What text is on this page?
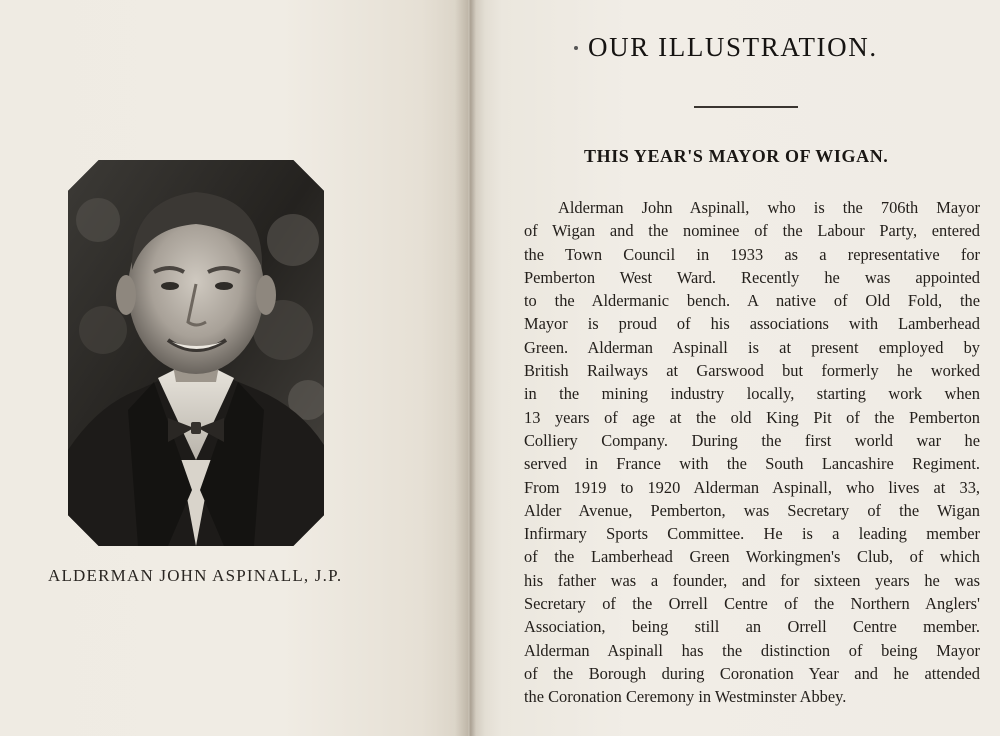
ALDERMAN JOHN ASPINALL, J.P.
OUR ILLUSTRATION.
THIS YEAR'S MAYOR OF WIGAN.
Alderman John Aspinall, who is the 706th Mayor
of Wigan and the nominee of the Labour Party, entered
the Town Council in 1933 as a representative for
Pemberton West Ward. Recently he was appointed
to the Aldermanic bench. A native of Old Fold, the
Mayor is proud of his associations with Lamberhead
Green. Alderman Aspinall is at present employed by
British Railways at Garswood but formerly he worked
in the mining industry locally, starting work when
13 years of age at the old King Pit of the Pemberton
Colliery Company. During the first world war he
served in France with the South Lancashire Regiment.
From 1919 to 1920 Alderman Aspinall, who lives at 33,
Alder Avenue, Pemberton, was Secretary of the Wigan
Infirmary Sports Committee. He is a leading member
of the Lamberhead Green Workingmen's Club, of which
his father was a founder, and for sixteen years he was
Secretary of the Orrell Centre of the Northern Anglers'
Association, being still an Orrell Centre member.
Alderman Aspinall has the distinction of being Mayor
of the Borough during Coronation Year and he attended
the Coronation Ceremony in Westminster Abbey.
